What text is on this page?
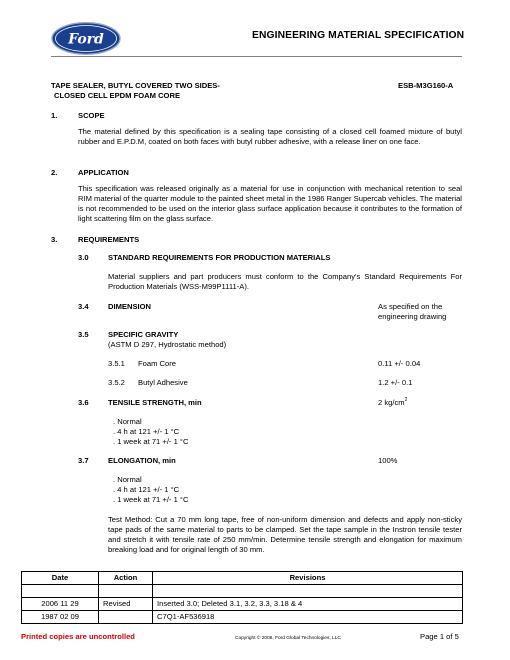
Ford	ENGINEERING MATERIAL SPECIFICATION
TAPE SEALER, BUTYL COVERED TWO SIDES-
CLOSED CELL EPDM FOAM CORE
ESB-M3G160-A
1.	SCOPE
The material defined by this specification is a sealing tape consisting of a closed cell foamed mixture of butyl rubber and E.P.D.M, coated on both faces with butyl rubber adhesive, with a release liner on one face.
2.	APPLICATION
This specification was released originally as a material for use in conjunction with mechanical retention to seal RIM material of the quarter module to the painted sheet metal in the 1986 Ranger Supercab vehicles. The material is not recommended to be used on the interior glass surface application because it contributes to the formation of light scattering film on the glass surface.
3.	REQUIREMENTS
3.0	STANDARD REQUIREMENTS FOR PRODUCTION MATERIALS
Material suppliers and part producers must conform to the Company's Standard Requirements For Production Materials (WSS-M99P1111-A).
3.4	DIMENSION	As specified on the
engineering drawing
3.5	SPECIFIC GRAVITY
(ASTM D 297, Hydrostatic method)
3.5.1 Foam Core	0.11 +/- 0.04
3.5.2 Butyl Adhesive	1.2 +/- 0.1
3.6	TENSILE STRENGTH, min	2 $kg/cm^2$
. Normal
. 4 h at 121 +/- 1 °C
. 1 week at 71 +/- 1 °C
3.7	ELONGATION, min	100%
. Normal
. 4 h at 121 +/- 1 °C
. 1 week at 71 +/- 1 °C
Test Method: Cut a 70 mm long tape, free of non-uniform dimension and defects and apply non-sticky tape pads of the same material to parts to be clamped. Set the tape sample in the Instron tensile tester and stretch it with tensile rate of 250 mm/min. Determine tensile strength and elongation for maximum breaking load and for original length of 30 mm.
Date	Action	Revisions

2006 11 29	Revised	Inserted 3.0; Deleted 3.1, 3.2, 3.3, 3.18 & 4
1987 02 09		C7Q1-AF536918
Printed copies are uncontrolled	Copyright © 2006, Ford Global Technologies, LLC	Page 1 of 5
